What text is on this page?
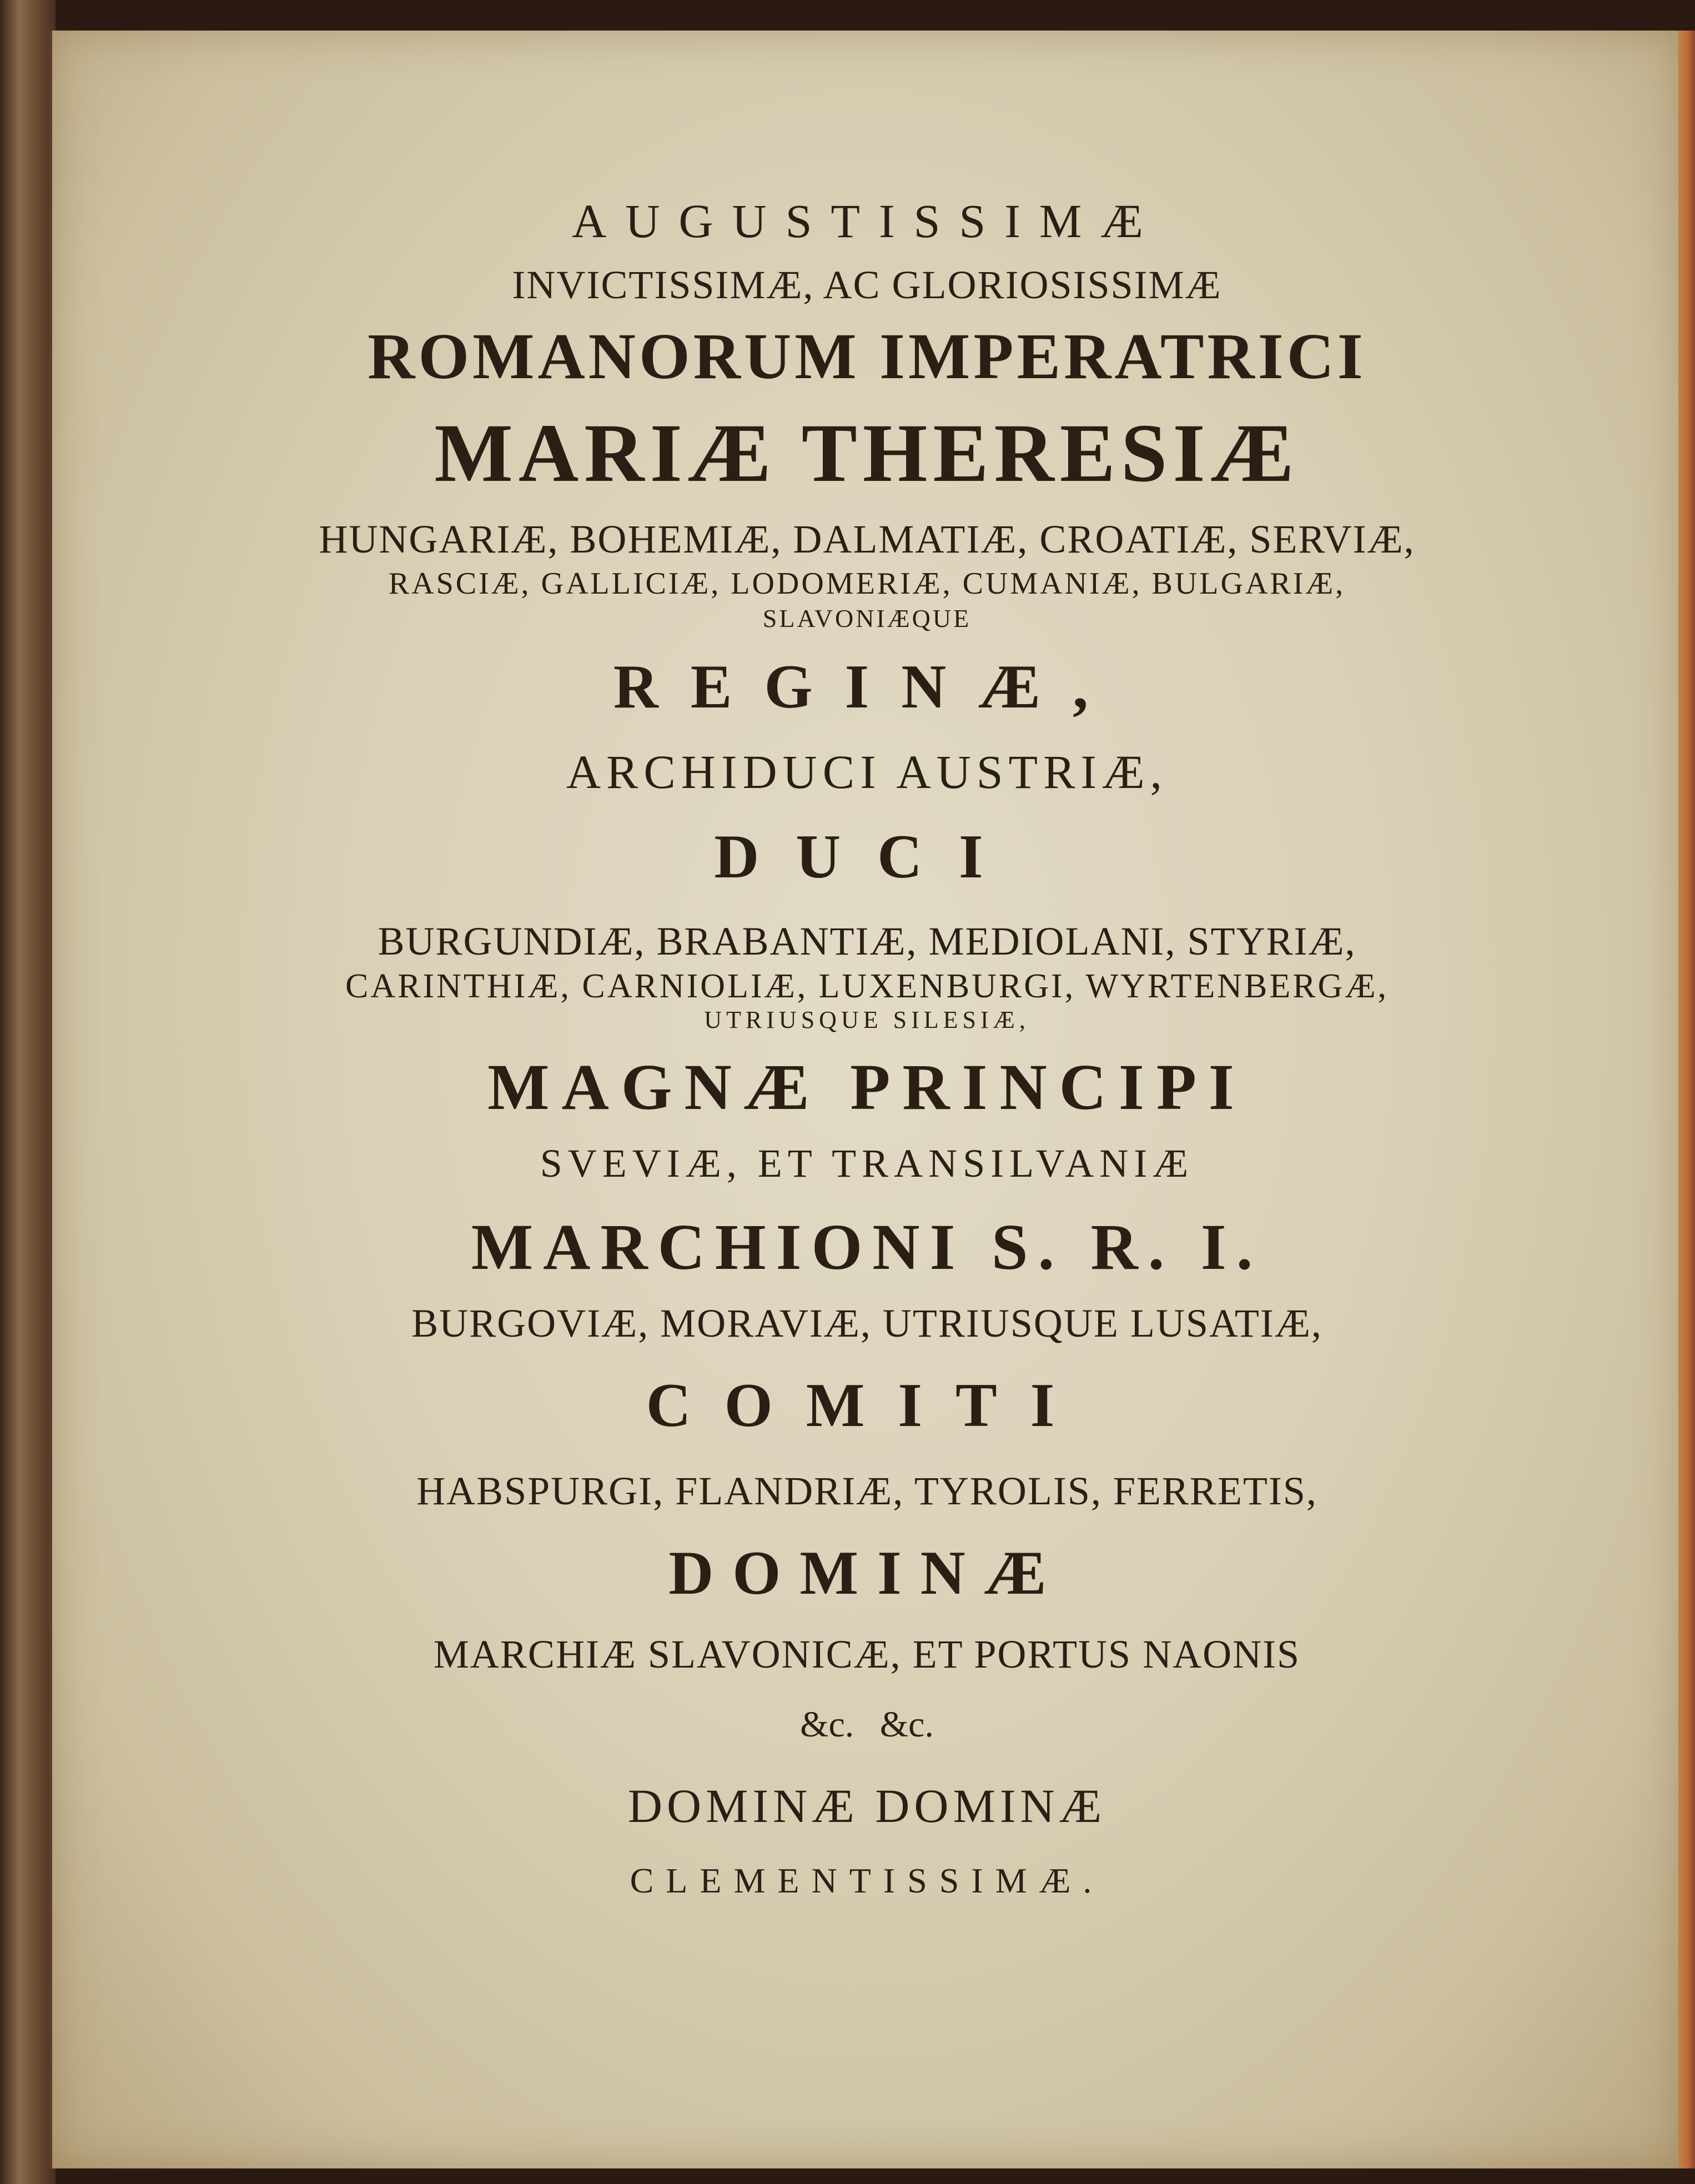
AUGUSTISSIMÆ
INVICTISSIMÆ, AC GLORIOSISSIMÆ
ROMANORUM IMPERATRICI
MARIÆ THERESIÆ
HUNGARIÆ, BOHEMIÆ, DALMATIÆ, CROATIÆ, SERVIÆ,
RASCIÆ, GALLICIÆ, LODOMERIÆ, CUMANIÆ, BULGARIÆ,
SLAVONIÆQUE
REGINÆ,
ARCHIDUCI AUSTRIÆ,
DUCI
BURGUNDIÆ, BRABANTIÆ, MEDIOLANI, STYRIÆ,
CARINTHIÆ, CARNIOLIÆ, LUXENBURGI, WYRTENBERGÆ,
UTRIUSQUE SILESIÆ,
MAGNÆ PRINCIPI
SVEVIÆ, ET TRANSILVANIÆ
MARCHIONI S. R. I.
BURGOVIÆ, MORAVIÆ, UTRIUSQUE LUSATIÆ,
COMITI
HABSPURGI, FLANDRIÆ, TYROLIS, FERRETIS,
DOMINÆ
MARCHIÆ SLAVONICÆ, ET PORTUS NAONIS
&c. &c.
DOMINÆ DOMINÆ
CLEMENTISSIMÆ.
